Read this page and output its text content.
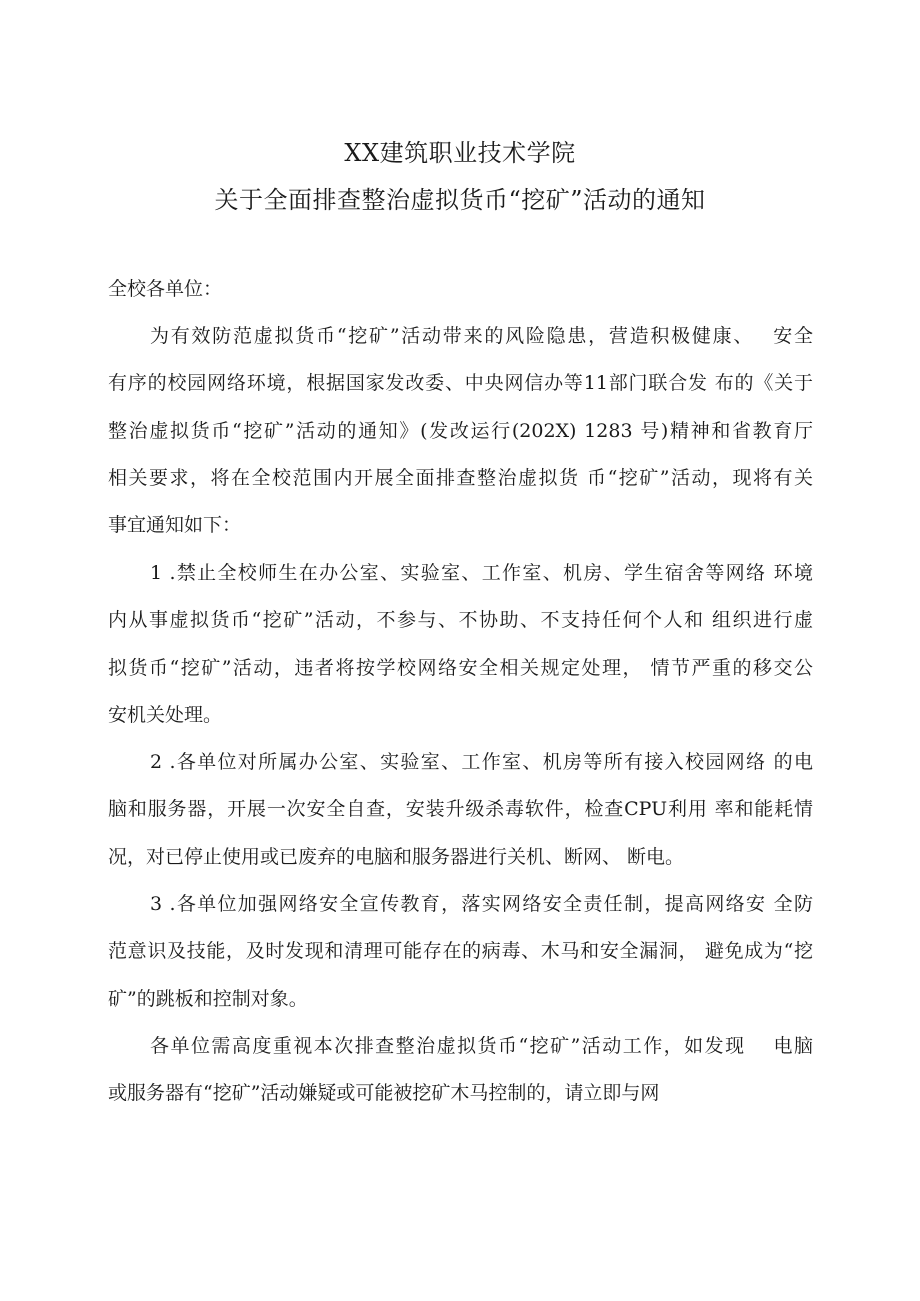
XX建筑职业技术学院
关于全面排查整治虚拟货币“挖矿”活动的通知
全校各单位：
为有效防范虚拟货币“挖矿”活动带来的风险隐患，营造积极健康、　 安全
有序的校园网络环境，根据国家发改委、中央网信办等11部门联合发 布的《关于
整治虚拟货币“挖矿”活动的通知》(发改运行(202X) 1283 号)精神和省教育厅
相关要求，将在全校范围内开展全面排查整治虚拟货 币“挖矿”活动，现将有关
事宜通知如下：
1 .禁止全校师生在办公室、实验室、工作室、机房、学生宿舍等网络 环境
内从事虚拟货币“挖矿”活动，不参与、不协助、不支持任何个人和 组织进行虚
拟货币“挖矿”活动，违者将按学校网络安全相关规定处理， 情节严重的移交公
安机关处理。
2 .各单位对所属办公室、实验室、工作室、机房等所有接入校园网络 的电
脑和服务器，开展一次安全自查，安装升级杀毒软件，检查CPU利用 率和能耗情
况，对已停止使用或已废弃的电脑和服务器进行关机、断网、 断电。
3 .各单位加强网络安全宣传教育，落实网络安全责任制，提高网络安 全防
范意识及技能，及时发现和清理可能存在的病毒、木马和安全漏洞， 避免成为“挖
矿”的跳板和控制对象。
各单位需高度重视本次排查整治虚拟货币“挖矿”活动工作，如发现　 电脑
或服务器有“挖矿”活动嫌疑或可能被挖矿木马控制的，请立即与网
